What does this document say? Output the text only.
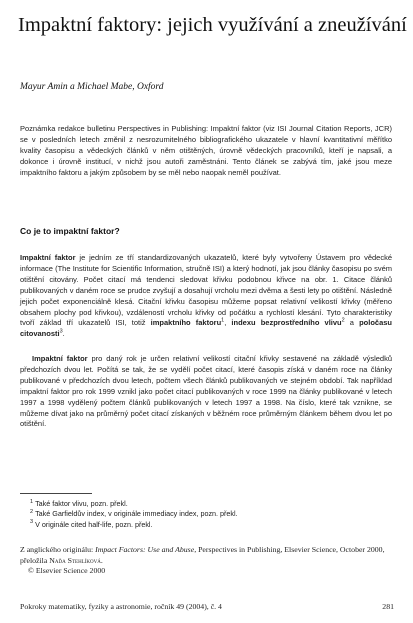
Impaktní faktory: jejich využívání a zneužívání
Mayur Amin a Michael Mabe, Oxford
Poznámka redakce bulletinu Perspectives in Publishing: Impaktní faktor (viz ISI Journal Citation Reports, JCR) se v posledních letech změnil z nesrozumitelného bibliografického ukazatele v hlavní kvantitativní měřítko kvality časopisu a vědeckých článků v něm otištěných, úrovně vědeckých pracovníků, kteří je napsali, a dokonce i úrovně institucí, v nichž jsou autoři zaměstnáni. Tento článek se zabývá tím, jaké jsou meze impaktního faktoru a jakým způsobem by se měl nebo naopak neměl používat.
Co je to impaktní faktor?

Impaktní faktor je jedním ze tří standardizovaných ukazatelů, které byly vytvořeny Ústavem pro vědecké informace (The Institute for Scientific Information, stručně ISI) a který hodnotí, jak jsou články časopisu po svém otištění citovány. Počet citací má tendenci sledovat křivku podobnou křivce na obr. 1. Citace článků publikovaných v daném roce se prudce zvyšují a dosahují vrcholu mezi dvěma a šesti lety po otištění. Následně jejich počet exponenciálně klesá. Citační křivku časopisu můžeme popsat relativní velikostí křivky (měřeno obsahem plochy pod křivkou), vzdáleností vrcholu křivky od počátku a rychlostí klesání. Tyto charakteristiky tvoří základ tří ukazatelů ISI, totiž impaktního faktoru$^1$, indexu bezprostředního vlivu$^2$ a poločasu citovanosti$^3$.

Impaktní faktor pro daný rok je určen relativní velikostí citační křivky sestavené na základě výsledků předchozích dvou let. Počítá se tak, že se vydělí počet citací, které časopis získá v daném roce na články publikované v předchozích dvou letech, počtem všech článků publikovaných ve stejném období. Tak například impaktní faktor pro rok 1999 vznikl jako počet citací publikovaných v roce 1999 na články publikované v letech 1997 a 1998 vydělený počtem článků publikovaných v letech 1997 a 1998. Na číslo, které tak vznikne, se můžeme dívat jako na průměrný počet citací získaných v běžném roce průměrným článkem během dvou let po otištění.

$^1$ Také faktor vlivu, pozn. překl.
$^2$ Také Garfieldův index, v originále immediacy index, pozn. překl.
$^3$ V originále cited half-life, pozn. překl.
Z anglického originálu: Impact Factors: Use and Abuse, Perspectives in Publishing, Elsevier Science, October 2000, přeložila Naďa Stehlíková.
© Elsevier Science 2000
Pokroky matematiky, fyziky a astronomie, ročník 49 (2004), č. 4	281
